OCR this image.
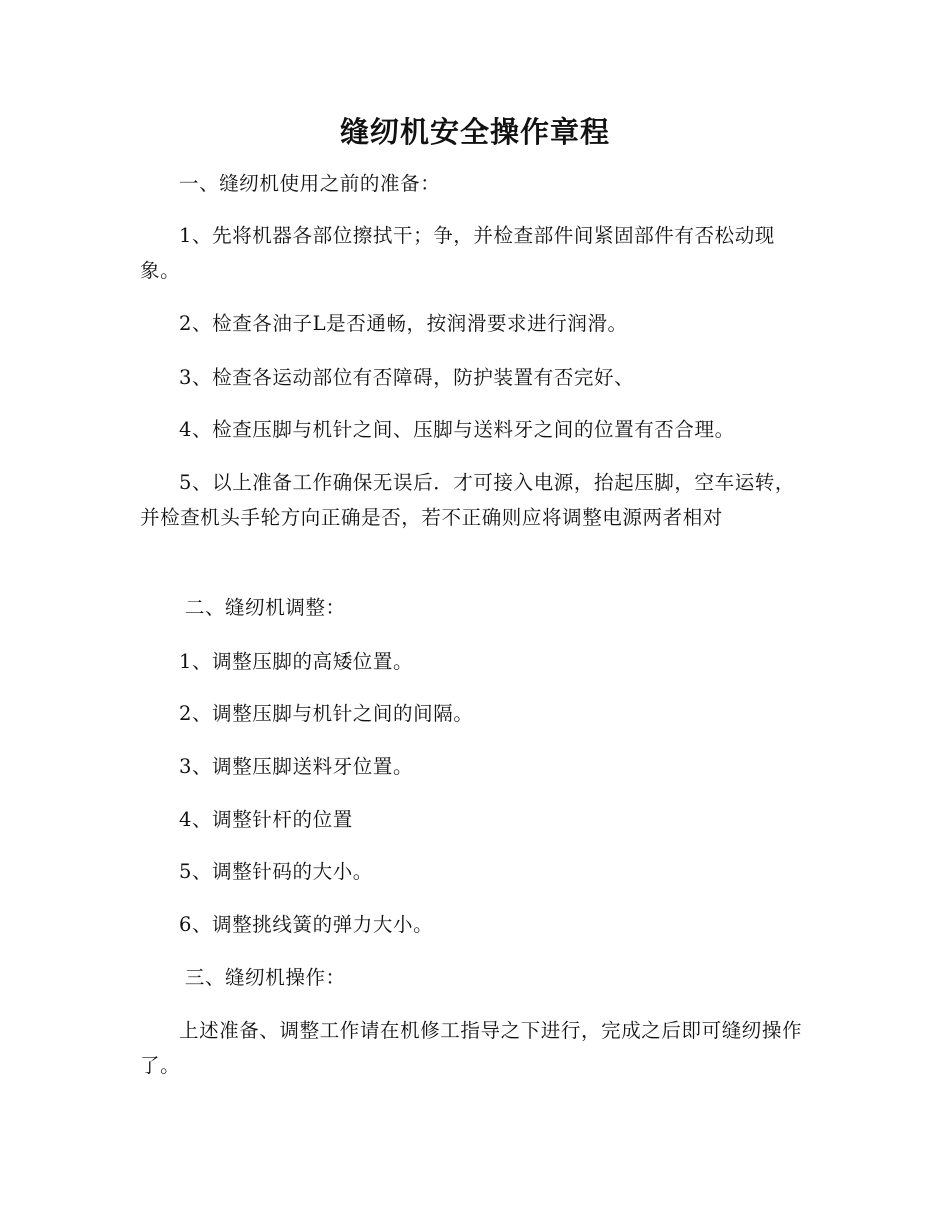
缝纫机安全操作章程
一、缝纫机使用之前的准备：
1、先将机器各部位擦拭干；争，并检查部件间紧固部件有否松动现象。
2、检查各油子L是否通畅，按润滑要求进行润滑。
3、检查各运动部位有否障碍，防护装置有否完好、
4、检查压脚与机针之间、压脚与送料牙之间的位置有否合理。
5、以上准备工作确保无误后．才可接入电源，抬起压脚，空车运转，并检查机头手轮方向正确是否，若不正确则应将调整电源两者相对
二、缝纫机调整：
1、调整压脚的高矮位置。
2、调整压脚与机针之间的间隔。
3、调整压脚送料牙位置。
4、调整针杆的位置
5、调整针码的大小。
6、调整挑线簧的弹力大小。
三、缝纫机操作：
上述准备、调整工作请在机修工指导之下进行，完成之后即可缝纫操作了。
